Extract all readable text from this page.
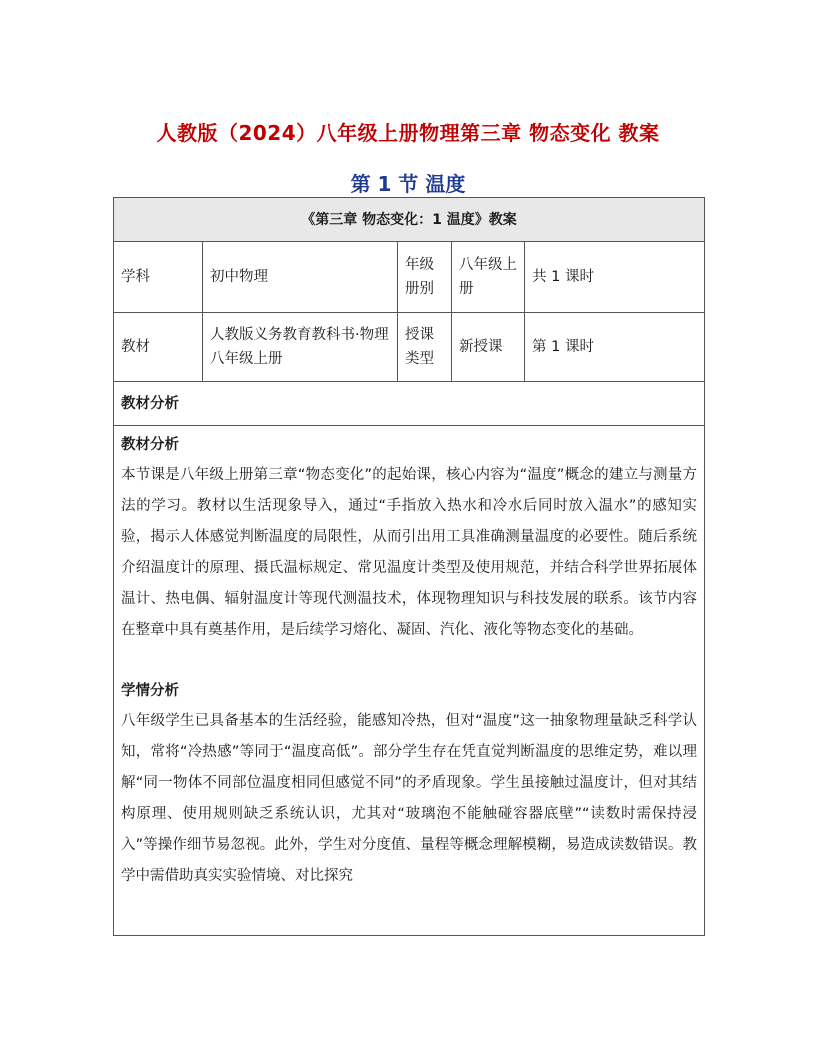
人教版（2024）八年级上册物理第三章 物态变化 教案
第 1 节 温度
《第三章 物态变化：1 温度》教案				
学科	初中物理	年级册别	八年级上册	共 1 课时
教材	人教版义务教育教科书·物理八年级上册	授课类型	新授课	第 1 课时
教材分析				

教材分析

本节课是八年级上册第三章“物态变化”的起始课，核心内容为“温度”概念的建立与测量方法的学习。教材以生活现象导入，通过“手指放入热水和冷水后同时放入温水”的感知实验，揭示人体感觉判断温度的局限性，从而引出用工具准确测量温度的必要性。随后系统介绍温度计的原理、摄氏温标规定、常见温度计类型及使用规范，并结合科学世界拓展体温计、热电偶、辐射温度计等现代测温技术，体现物理知识与科技发展的联系。该节内容在整章中具有奠基作用，是后续学习熔化、凝固、汽化、液化等物态变化的基础。

学情分析

八年级学生已具备基本的生活经验，能感知冷热，但对“温度”这一抽象物理量缺乏科学认知，常将“冷热感”等同于“温度高低”。部分学生存在凭直觉判断温度的思维定势，难以理解“同一物体不同部位温度相同但感觉不同”的矛盾现象。学生虽接触过温度计，但对其结构原理、使用规则缺乏系统认识，尤其对“玻璃泡不能触碰容器底壁”“读数时需保持浸入”等操作细节易忽视。此外，学生对分度值、量程等概念理解模糊，易造成读数错误。教学中需借助真实实验情境、对比探究				
